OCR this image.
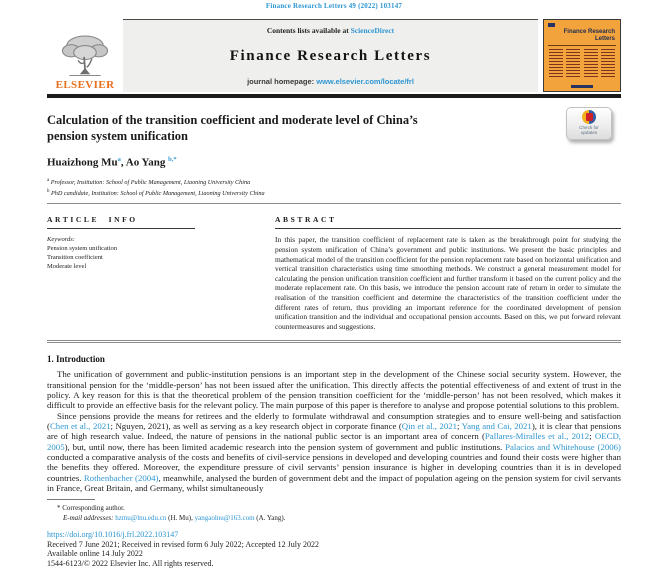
Finance Research Letters 49 (2022) 103147
ELSEVIER
Contents lists available at ScienceDirect
Finance Research Letters
journal homepage: www.elsevier.com/locate/frl
Finance Research
Letters
Calculation of the transition coefficient and moderate level of China’s pension system unification
Huaizhong Mu$^a$, Ao Yang $^{b,*}$
$^a$ Professor, Institution: School of Public Management, Liaoning University China
$^b$ PhD candidate, Institution: School of Public Management, Liaoning University China
ARTICLE INFO
Keywords:
Pension system unification
Transition coefficient
Moderate level
ABSTRACT
In this paper, the transition coefficient of replacement rate is taken as the breakthrough point for studying the pension system unification of China’s government and public institutions. We present the basic principles and mathematical model of the transition coefficient for the pension replacement rate based on horizontal unification and vertical transition characteristics using time smoothing methods. We construct a general measurement model for calculating the pension unification transition coefficient and further transform it based on the current policy and the moderate replacement rate. On this basis, we introduce the pension account rate of return in order to simulate the realisation of the transition coefficient and determine the characteristics of the transition coefficient under the different rates of return, thus providing an important reference for the coordinated development of pension unification transition and the individual and occupational pension accounts. Based on this, we put forward relevant countermeasures and suggestions.
1. Introduction
The unification of government and public-institution pensions is an important step in the development of the Chinese social security system. However, the transitional pension for the ‘middle-person’ has not been issued after the unification. This directly affects the potential effectiveness of and extent of trust in the policy. A key reason for this is that the theoretical problem of the pension transition coefficient for the ‘middle-person’ has not been resolved, which makes it difficult to provide an effective basis for the relevant policy. The main purpose of this paper is therefore to analyse and propose potential solutions to this problem.
Since pensions provide the means for retirees and the elderly to formulate withdrawal and consumption strategies and to ensure well-being and satisfaction (Chen et al., 2021; Nguyen, 2021), as well as serving as a key research object in corporate finance (Qin et al., 2021; Yang and Cai, 2021), it is clear that pensions are of high research value. Indeed, the nature of pensions in the national public sector is an important area of concern (Pallares-Miralles et al., 2012; OECD, 2005), but, until now, there has been limited academic research into the pension system of government and public institutions. Palacios and Whitehouse (2006) conducted a comparative analysis of the costs and benefits of civil-service pensions in developed and developing countries and found their costs were higher than the benefits they offered. Moreover, the expenditure pressure of civil servants’ pension insurance is higher in developing countries than it is in developed countries. Rothenbacher (2004), meanwhile, analysed the burden of government debt and the impact of population ageing on the pension system for civil servants in France, Great Britain, and Germany, whilst simultaneously
* Corresponding author.
E-mail addresses: hzmu@lnu.edu.cn (H. Mu), yangaolnu@163.com (A. Yang).
https://doi.org/10.1016/j.frl.2022.103147
Received 7 June 2021; Received in revised form 6 July 2022; Accepted 12 July 2022
Available online 14 July 2022
1544-6123/© 2022 Elsevier Inc. All rights reserved.
Check for
updates
